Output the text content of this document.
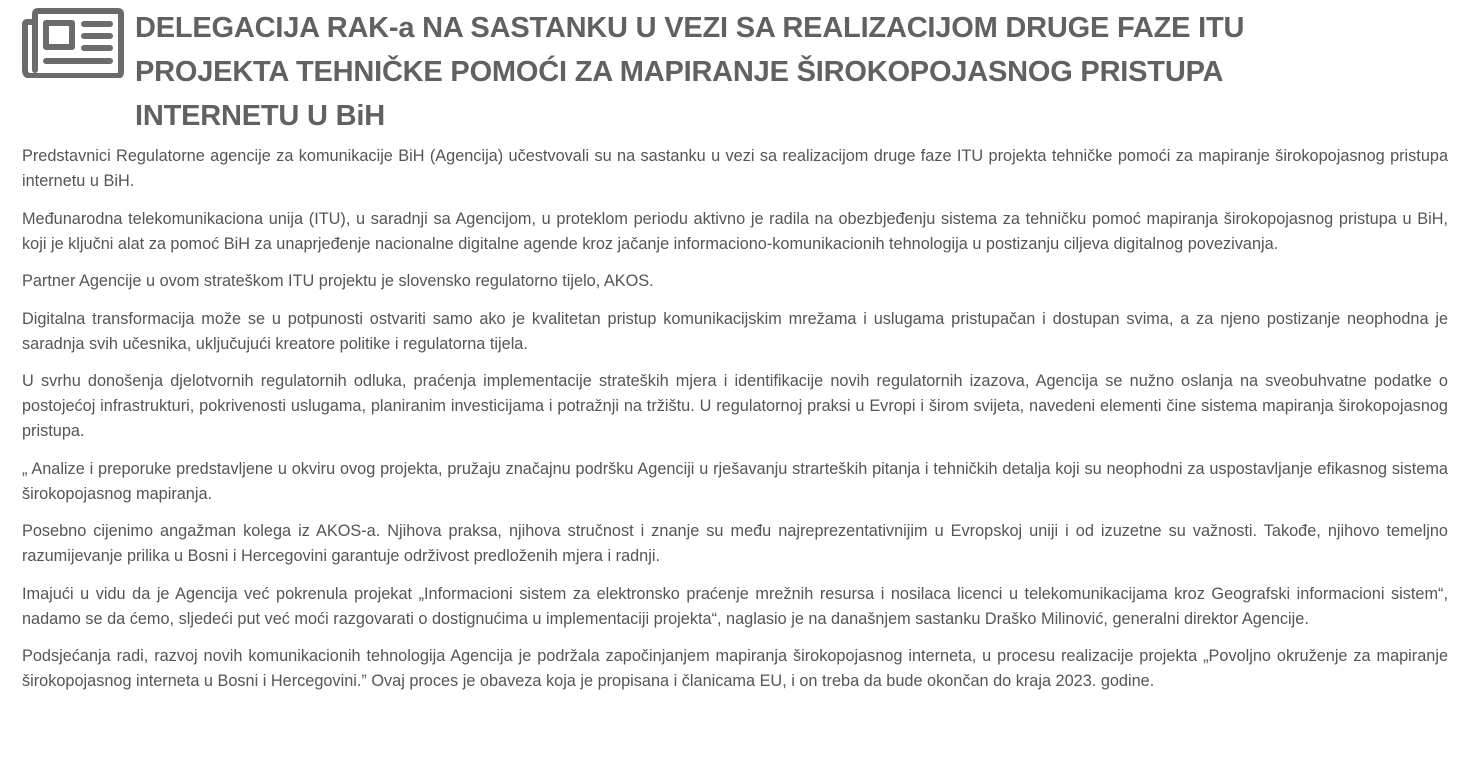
DELEGACIJA RAK-a NA SASTANKU U VEZI SA REALIZACIJOM DRUGE FAZE ITU PROJEKTA TEHNIČKE POMOĆI ZA MAPIRANJE ŠIROKOPOJASNOG PRISTUPA INTERNETU U BiH

Predstavnici Regulatorne agencije za komunikacije BiH (Agencija) učestvovali su na sastanku u vezi sa realizacijom druge faze ITU projekta tehničke pomoći za mapiranje širokopojasnog pristupa internetu u BiH.

Međunarodna telekomunikaciona unija (ITU), u saradnji sa Agencijom, u proteklom periodu aktivno je radila na obezbjeđenju sistema za tehničku pomoć mapiranja širokopojasnog pristupa u BiH, koji je ključni alat za pomoć BiH za unaprjeđenje nacionalne digitalne agende kroz jačanje informaciono-komunikacionih tehnologija u postizanju ciljeva digitalnog povezivanja.

Partner Agencije u ovom strateškom ITU projektu je slovensko regulatorno tijelo, AKOS.

Digitalna transformacija može se u potpunosti ostvariti samo ako je kvalitetan pristup komunikacijskim mrežama i uslugama pristupačan i dostupan svima, a za njeno postizanje neophodna je saradnja svih učesnika, uključujući kreatore politike i regulatorna tijela.

U svrhu donošenja djelotvornih regulatornih odluka, praćenja implementacije strateških mjera i identifikacije novih regulatornih izazova, Agencija se nužno oslanja na sveobuhvatne podatke o postojećoj infrastrukturi, pokrivenosti uslugama, planiranim investicijama i potražnji na tržištu. U regulatornoj praksi u Evropi i širom svijeta, navedeni elementi čine sistema mapiranja širokopojasnog pristupa.

„ Analize i preporuke predstavljene u okviru ovog projekta, pružaju značajnu podršku Agenciji u rješavanju strarteških pitanja i tehničkih detalja koji su neophodni za uspostavljanje efikasnog sistema širokopojasnog mapiranja.

Posebno cijenimo angažman kolega iz AKOS-a. Njihova praksa, njihova stručnost i znanje su među najreprezentativnijim u Evropskoj uniji i od izuzetne su važnosti. Takođe, njihovo temeljno razumijevanje prilika u Bosni i Hercegovini garantuje održivost predloženih mjera i radnji.

Imajući u vidu da je Agencija već pokrenula projekat „Informacioni sistem za elektronsko praćenje mrežnih resursa i nosilaca licenci u telekomunikacijama kroz Geografski informacioni sistem“, nadamo se da ćemo, sljedeći put već moći razgovarati o dostignućima u implementaciji projekta“, naglasio je na današnjem sastanku Draško Milinović, generalni direktor Agencije.

Podsjećanja radi, razvoj novih komunikacionih tehnologija Agencija je podržala započinjanjem mapiranja širokopojasnog interneta, u procesu realizacije projekta „Povoljno okruženje za mapiranje širokopojasnog interneta u Bosni i Hercegovini.” Ovaj proces je obaveza koja je propisana i članicama EU, i on treba da bude okončan do kraja 2023. godine.
